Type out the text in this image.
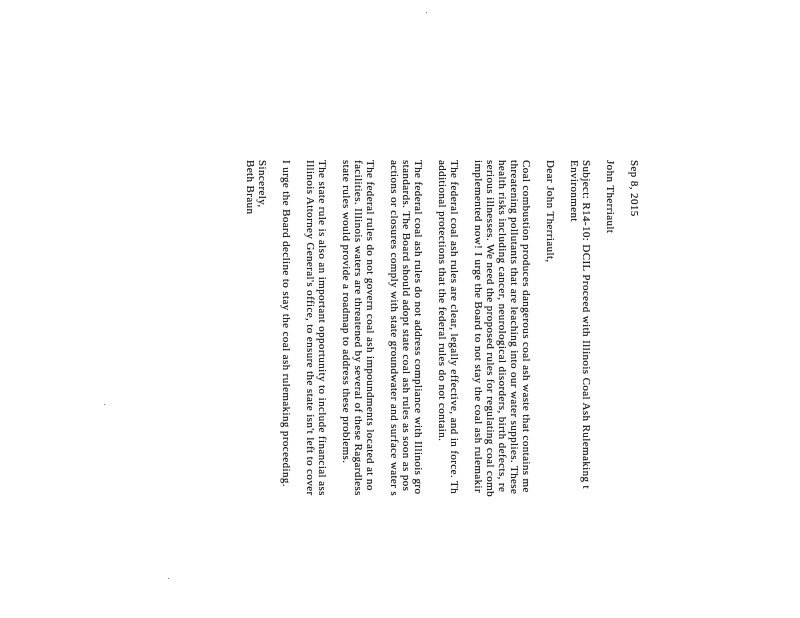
Sep 8, 2015
John Therriault
Subject: R14-10: DCIL Proceed with Illinois Coal Ash Rulemaking t
Environment
Dear John Therriault,
Coal combustion produces dangerous coal ash waste that contains me
threatening pollutants that are leaching into our water supplies. These
health risks including cancer, neurological disorders, birth defects, re
serious illnesses. We need the proposed rules for regulating coal comb
implemented now! I urge the Board to not stay the coal ash rulemakir
The federal coal ash rules are clear, legally effective, and in force. Th
additional protections that the federal rules do not contain.
The federal coal ash rules do not address compliance with Illinois gro
standards. The Board should adopt state coal ash rules as soon as pos
actions or closures comply with state groundwater and surface water s
The federal rules do not govern coal ash impoundments located at no
facilities. Illinois waters are threatened by several of these Ragardless
state rules would provide a roadmap to address these problems.
The state rule is also an important opportunity to include financial ass
Illinois Attorney General's office, to ensure the state isn't left to cover
I urge the Board decline to stay the coal ash rulemaking proceeding.
Sincerely,
Beth Braun
